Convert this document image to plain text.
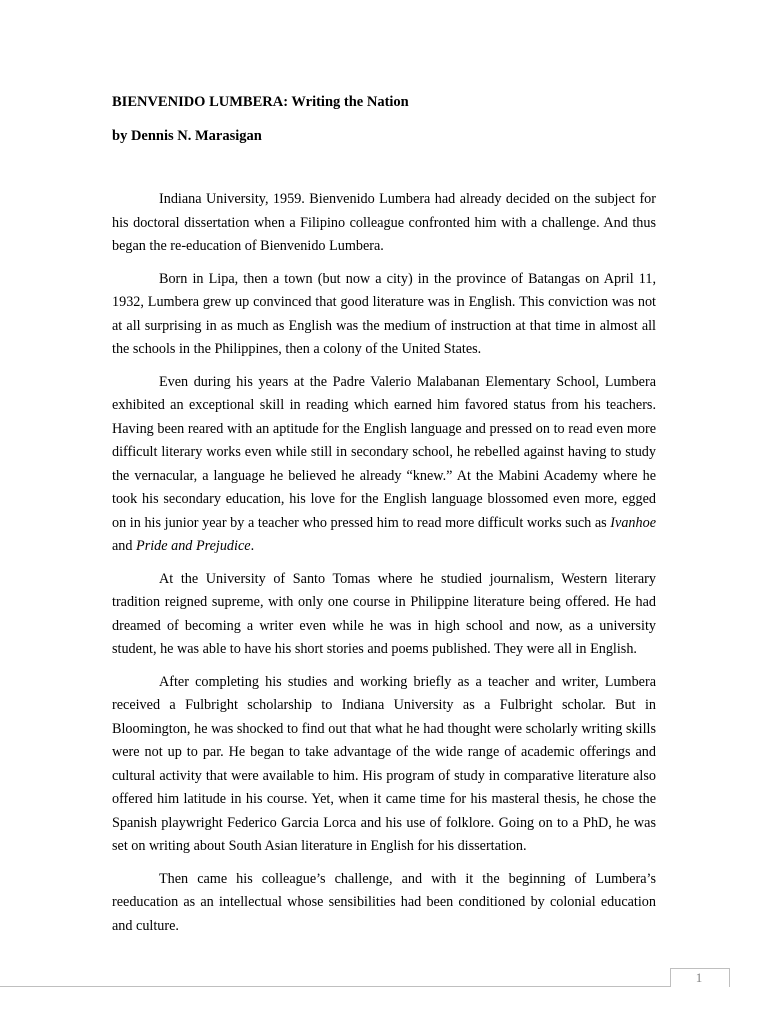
BIENVENIDO LUMBERA: Writing the Nation
by Dennis N. Marasigan

Indiana University, 1959. Bienvenido Lumbera had already decided on the subject for his doctoral dissertation when a Filipino colleague confronted him with a challenge. And thus began the re-education of Bienvenido Lumbera.

Born in Lipa, then a town (but now a city) in the province of Batangas on April 11, 1932, Lumbera grew up convinced that good literature was in English. This conviction was not at all surprising in as much as English was the medium of instruction at that time in almost all the schools in the Philippines, then a colony of the United States.

Even during his years at the Padre Valerio Malabanan Elementary School, Lumbera exhibited an exceptional skill in reading which earned him favored status from his teachers. Having been reared with an aptitude for the English language and pressed on to read even more difficult literary works even while still in secondary school, he rebelled against having to study the vernacular, a language he believed he already “knew.” At the Mabini Academy where he took his secondary education, his love for the English language blossomed even more, egged on in his junior year by a teacher who pressed him to read more difficult works such as Ivanhoe and Pride and Prejudice.

At the University of Santo Tomas where he studied journalism, Western literary tradition reigned supreme, with only one course in Philippine literature being offered. He had dreamed of becoming a writer even while he was in high school and now, as a university student, he was able to have his short stories and poems published. They were all in English.

After completing his studies and working briefly as a teacher and writer, Lumbera received a Fulbright scholarship to Indiana University as a Fulbright scholar. But in Bloomington, he was shocked to find out that what he had thought were scholarly writing skills were not up to par. He began to take advantage of the wide range of academic offerings and cultural activity that were available to him. His program of study in comparative literature also offered him latitude in his course. Yet, when it came time for his masteral thesis, he chose the Spanish playwright Federico Garcia Lorca and his use of folklore. Going on to a PhD, he was set on writing about South Asian literature in English for his dissertation.

Then came his colleague’s challenge, and with it the beginning of Lumbera’s reeducation as an intellectual whose sensibilities had been conditioned by colonial education and culture.

1
